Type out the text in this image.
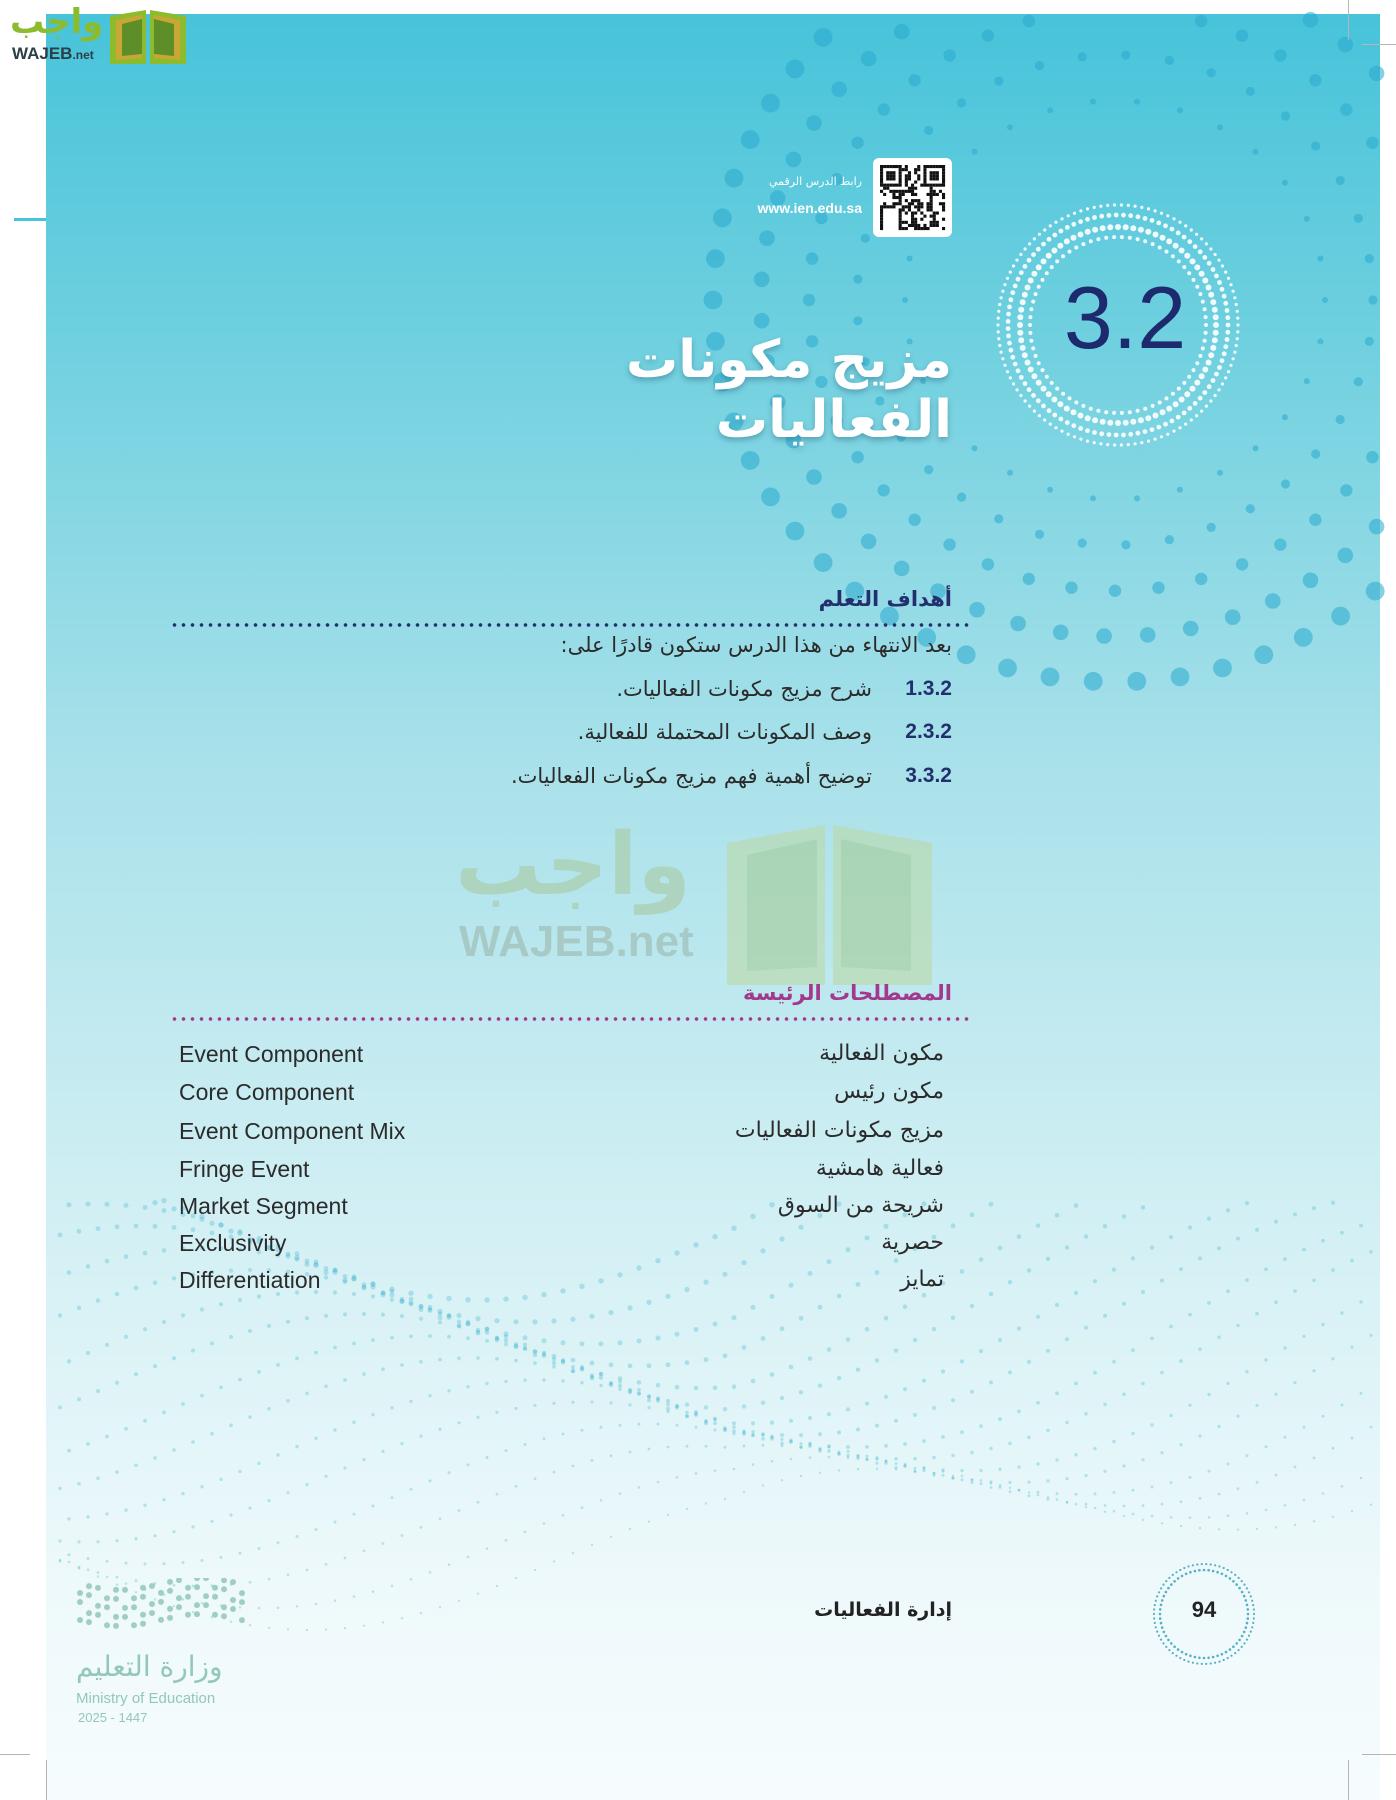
واجب
WAJEB.net
رابط الدرس الرقمي
www.ien.edu.sa
3.2
مزيج مكونات الفعاليات
أهداف التعلم
بعد الانتهاء من هذا الدرس ستكون قادرًا على:
1.3.2
شرح مزيج مكونات الفعاليات.
2.3.2
وصف المكونات المحتملة للفعالية.
3.3.2
توضيح أهمية فهم مزيج مكونات الفعاليات.
واجب
WAJEB.net
المصطلحات الرئيسة
Event Component	مكون الفعالية
Core Component	مكون رئيس
Event Component Mix	مزيج مكونات الفعاليات
Fringe Event	فعالية هامشية
Market Segment	شريحة من السوق
Exclusivity	حصرية
Differentiation	تمايز
إدارة الفعاليات	94
وزارة التعليم
Ministry of Education
2025 - 1447
